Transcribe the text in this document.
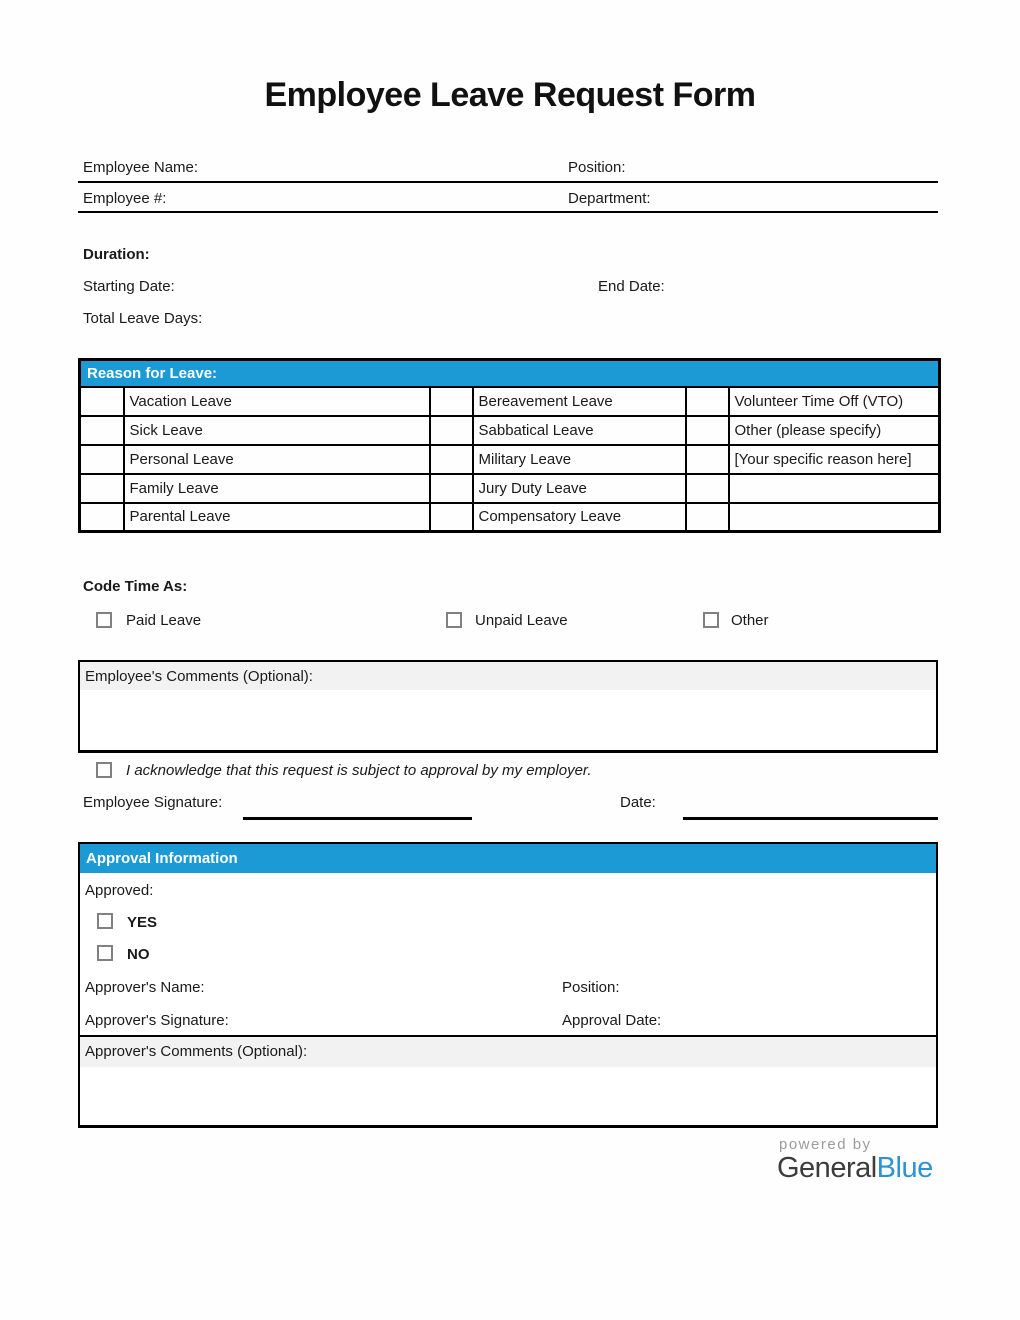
Employee Leave Request Form
Employee Name:	Position:
Employee #:	Department:
Duration:
Starting Date:	End Date:
Total Leave Days:
Reason for Leave:					
	Vacation Leave		Bereavement Leave		Volunteer Time Off (VTO)
	Sick Leave		Sabbatical Leave		Other (please specify)
	Personal Leave		Military Leave		[Your specific reason here]
	Family Leave		Jury Duty Leave		
	Parental Leave		Compensatory Leave		
Code Time As:
Paid Leave	Unpaid Leave	Other
Employee's Comments (Optional):
I acknowledge that this request is subject to approval by my employer.
Employee Signature:	Date:
Approval Information
Approved:
YES
NO
Approver's Name:	Position:
Approver's Signature:	Approval Date:
Approver's Comments (Optional):
powered by
GeneralBlue
